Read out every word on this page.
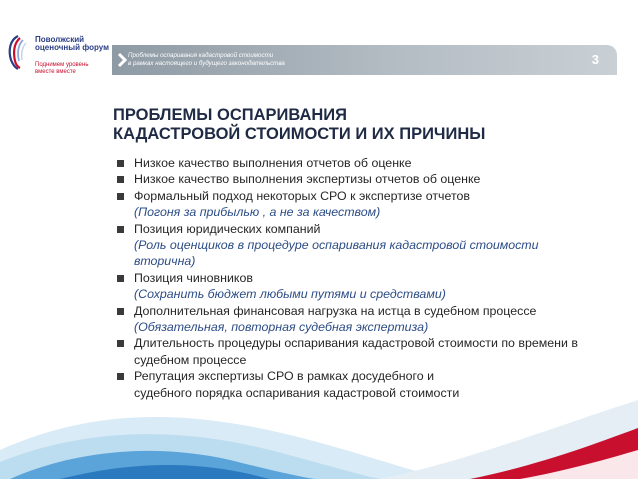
Поволжский
оценочный форум
Поднимем уровень
вместе вместе
Проблемы оспаривания кадастровой стоимости
в рамках настоящего и будущего законодательства	3
ПРОБЛЕМЫ ОСПАРИВАНИЯ
КАДАСТРОВОЙ СТОИМОСТИ И ИХ ПРИЧИНЫ
Низкое качество выполнения отчетов об оценке
Низкое качество выполнения экспертизы отчетов об оценке
Формальный подход некоторых СРО к экспертизе отчетов
(Погоня за прибылью , а не за качеством)
Позиция юридических компаний
(Роль оценщиков в процедуре оспаривания кадастровой стоимости
вторична)
Позиция чиновников
(Сохранить бюджет любыми путями и средствами)
Дополнительная финансовая нагрузка на истца в судебном процессе
(Обязательная, повторная судебная экспертиза)
Длительность процедуры оспаривания кадастровой стоимости по времени в
судебном процессе
Репутация экспертизы СРО в рамках досудебного и
судебного порядка оспаривания кадастровой стоимости
